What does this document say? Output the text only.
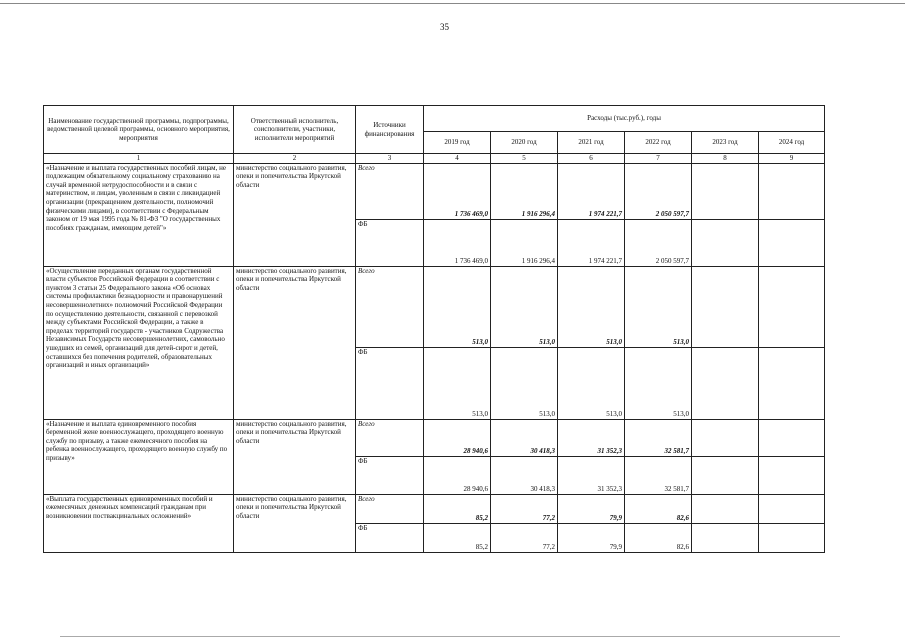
35
Наименование государственной программы, подпрограммы, ведомственной целевой программы, основного мероприятия, мероприятия	Ответственный исполнитель, соисполнители, участники, исполнители мероприятий	Источники финансирования	Расходы (тыс.руб.), годы					
			2019 год	2020 год	2021 год	2022 год	2023 год	2024 год
1	2	3	4	5	6	7	8	9
«Назначение и выплата государственных пособий лицам, не подлежащим обязательному социальному страхованию на случай временной нетрудоспособности и в связи с материнством, и лицам, уволенным в связи с ликвидацией организации (прекращением деятельности, полномочий физическими лицами), в соответствии с Федеральным законом от 19 мая 1995 года № 81-ФЗ "О государственных пособиях гражданам, имеющим детей"»	министерство социального развития, опеки и попечительства Иркутской области	Всего	1 736 469,0	1 916 296,4	1 974 221,7	2 050 597,7		
		ФБ	1 736 469,0	1 916 296,4	1 974 221,7	2 050 597,7		
«Осуществление переданных органам государственной власти субъектов Российской Федерации в соответствии с пунктом 3 статьи 25 Федерального закона «Об основах системы профилактики безнадзорности и правонарушений несовершеннолетних» полномочий Российской Федерации по осуществлению деятельности, связанной с перевозкой между субъектами Российской Федерации, а также в пределах территорий государств - участников Содружества Независимых Государств несовершеннолетних, самовольно ушедших из семей, организаций для детей-сирот и детей, оставшихся без попечения родителей, образовательных организаций и иных организаций»	министерство социального развития, опеки и попечительства Иркутской области	Всего	513,0	513,0	513,0	513,0		
		ФБ	513,0	513,0	513,0	513,0		
«Назначение и выплата единовременного пособия беременной жене военнослужащего, проходящего военную службу по призыву, а также ежемесячного пособия на ребенка военнослужащего, проходящего военную службу по призыву»	министерство социального развития, опеки и попечительства Иркутской области	Всего	28 940,6	30 418,3	31 352,3	32 581,7		
		ФБ	28 940,6	30 418,3	31 352,3	32 581,7		
«Выплата государственных единовременных пособий и ежемесячных денежных компенсаций гражданам при возникновении поствакцинальных осложнений»	министерство социального развития, опеки и попечительства Иркутской области	Всего	85,2	77,2	79,9	82,6		
		ФБ	85,2	77,2	79,9	82,6		
